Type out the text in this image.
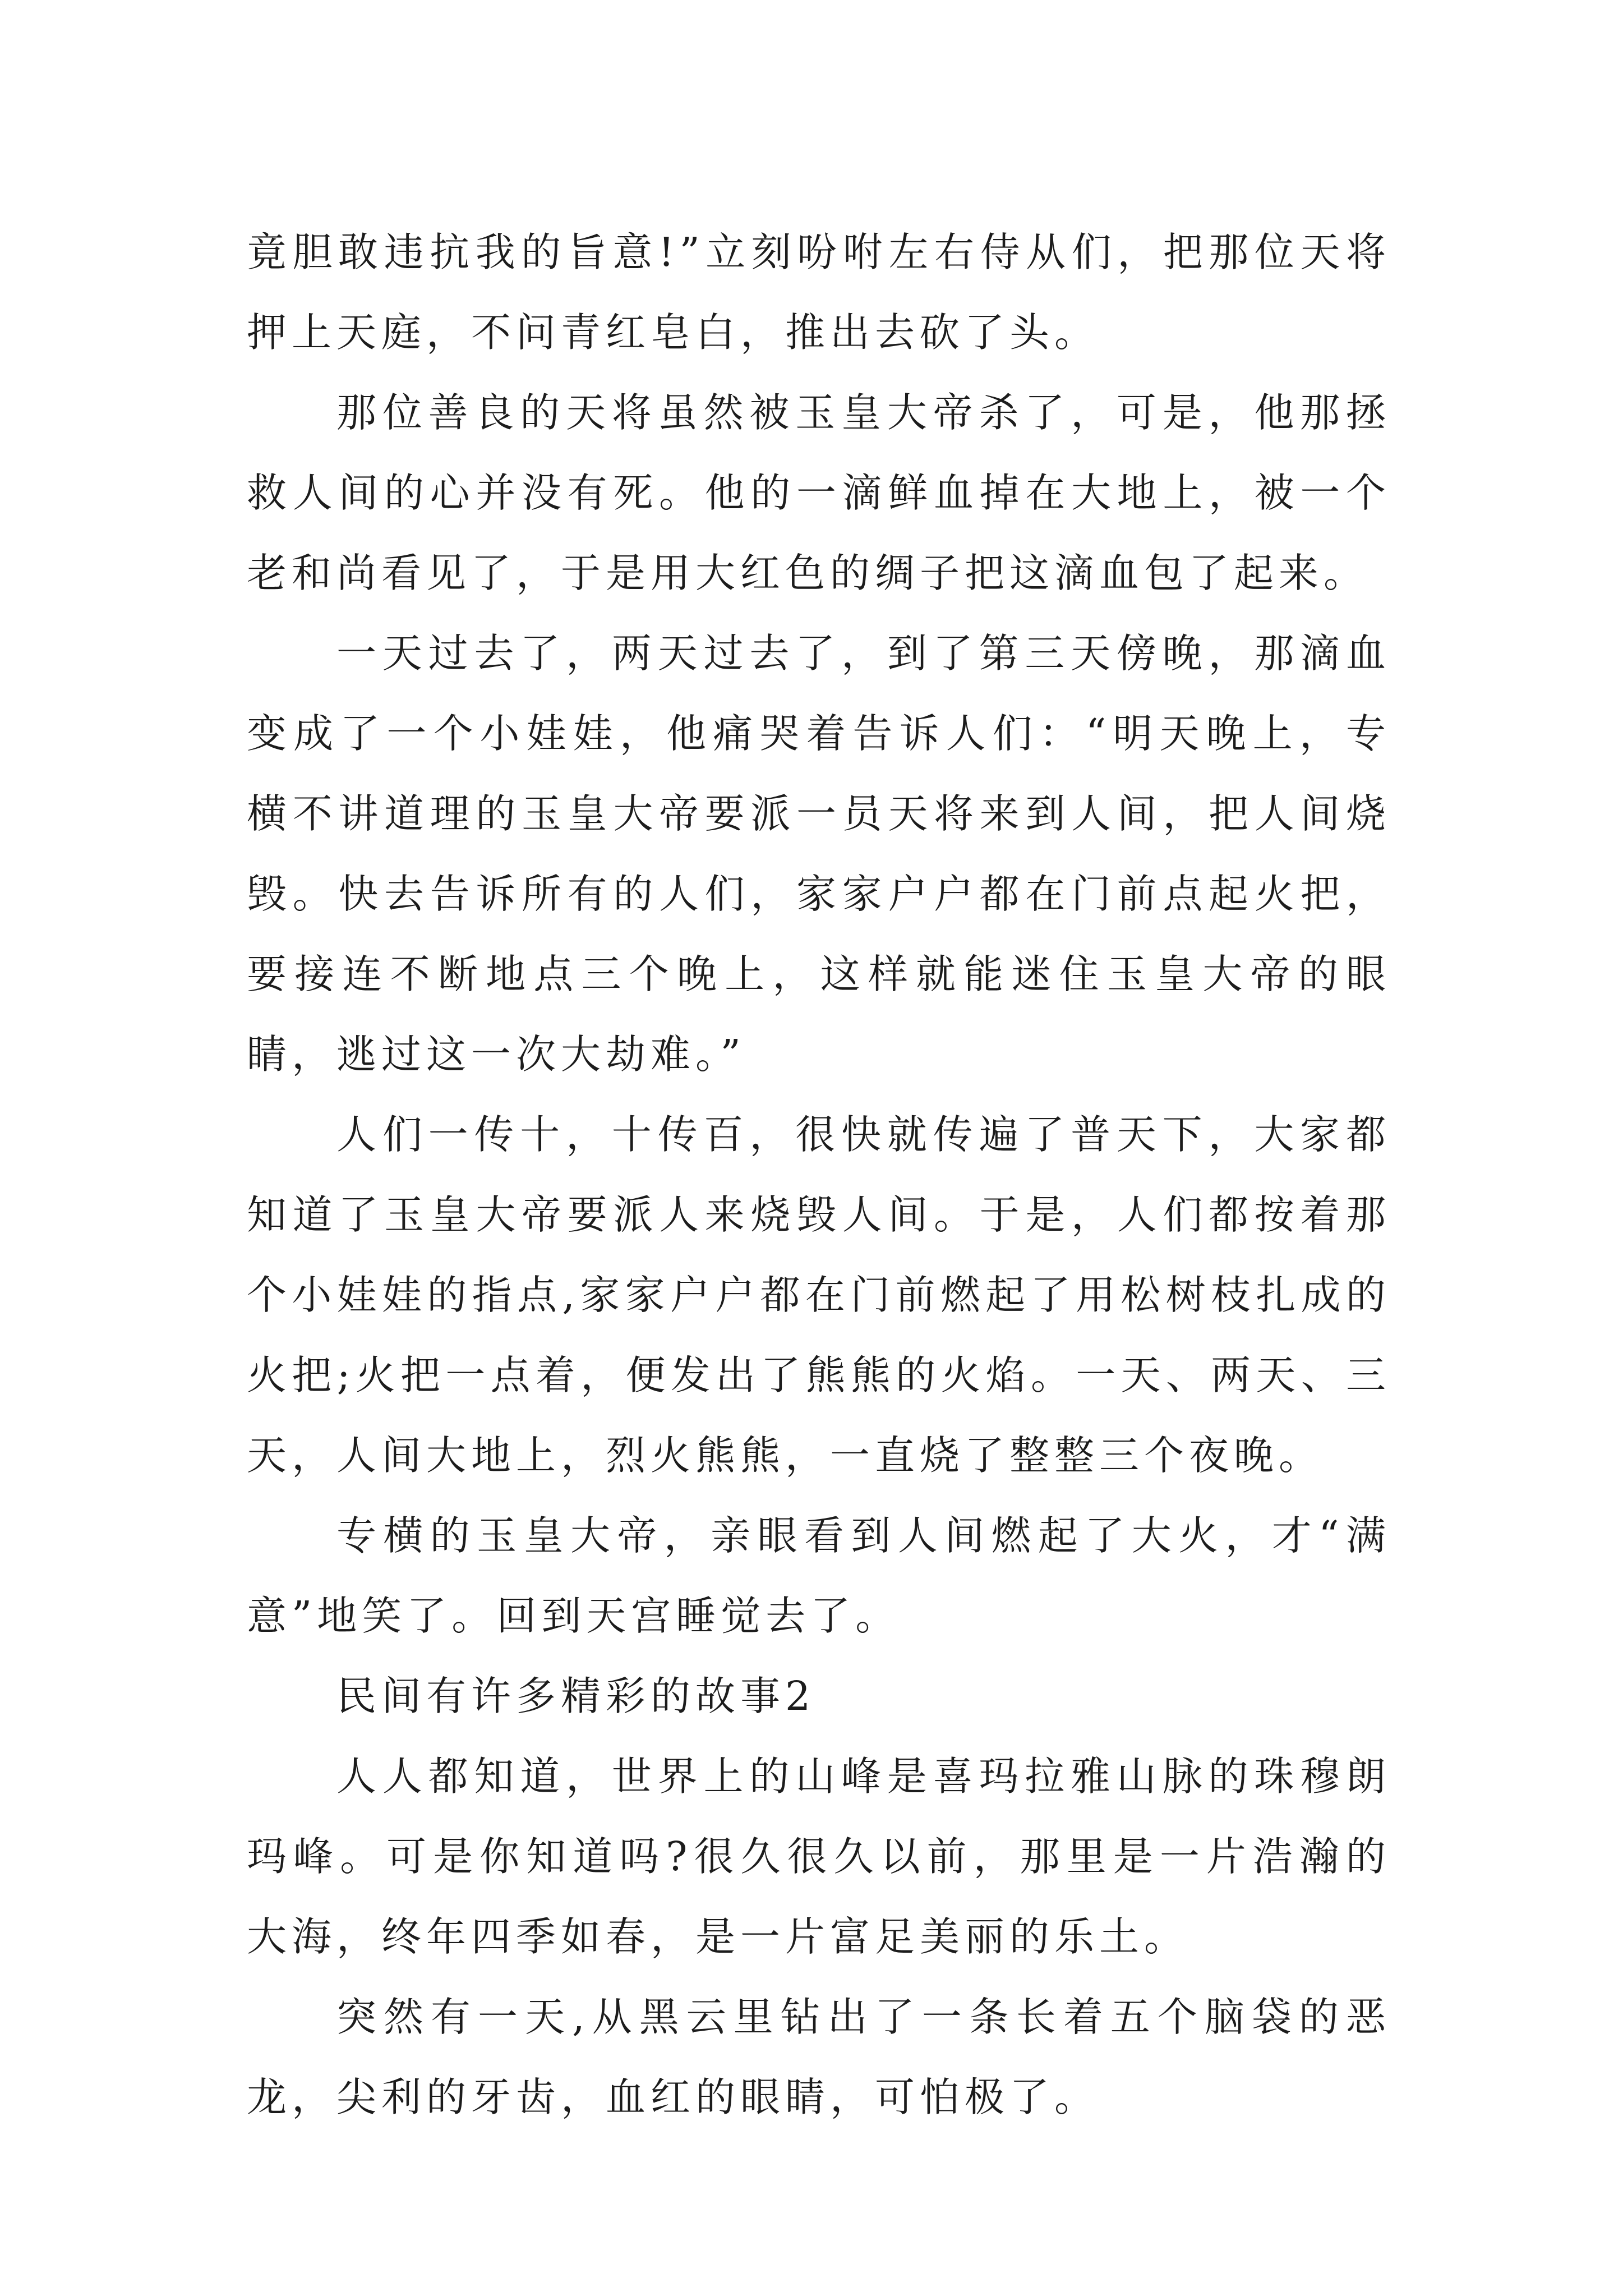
竟胆敢违抗我的旨意!”立刻吩咐左右侍从们，把那位天将押上天庭，不问青红皂白，推出去砍了头。

那位善良的天将虽然被玉皇大帝杀了，可是，他那拯救人间的心并没有死。他的一滴鲜血掉在大地上，被一个老和尚看见了，于是用大红色的绸子把这滴血包了起来。

一天过去了，两天过去了，到了第三天傍晚，那滴血变成了一个小娃娃，他痛哭着告诉人们：“明天晚上，专横不讲道理的玉皇大帝要派一员天将来到人间，把人间烧毁。快去告诉所有的人们，家家户户都在门前点起火把，要接连不断地点三个晚上，这样就能迷住玉皇大帝的眼睛，逃过这一次大劫难。”

人们一传十，十传百，很快就传遍了普天下，大家都知道了玉皇大帝要派人来烧毁人间。于是，人们都按着那个小娃娃的指点,家家户户都在门前燃起了用松树枝扎成的火把;火把一点着，便发出了熊熊的火焰。一天、两天、三天，人间大地上，烈火熊熊，一直烧了整整三个夜晚。

专横的玉皇大帝，亲眼看到人间燃起了大火，才“满意”地笑了。回到天宫睡觉去了。

民间有许多精彩的故事2

人人都知道，世界上的山峰是喜玛拉雅山脉的珠穆朗玛峰。可是你知道吗?很久很久以前，那里是一片浩瀚的大海，终年四季如春，是一片富足美丽的乐土。

突然有一天,从黑云里钻出了一条长着五个脑袋的恶龙，尖利的牙齿，血红的眼睛，可怕极了。
